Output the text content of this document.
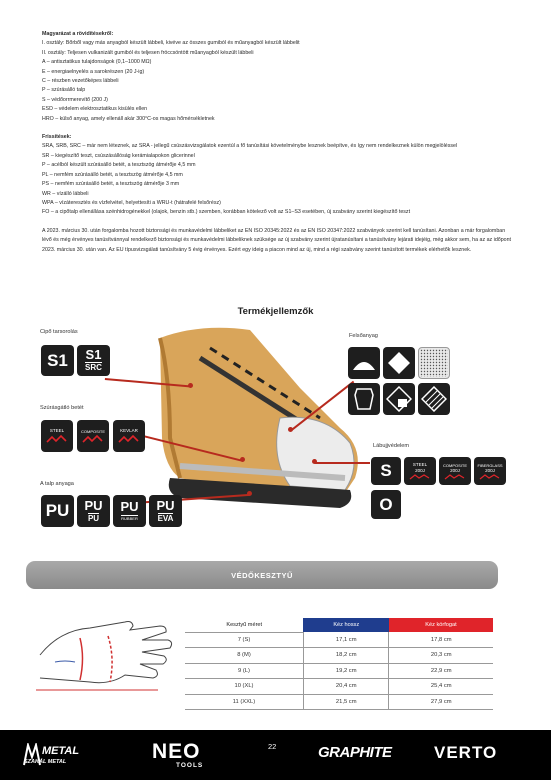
Magyarázat a rövidítésekről:
I. osztály: Bőrből vagy más anyagból készült lábbeli, kivéve az összes gumiból és műanyagból készült lábbelit
II. osztály: Teljesen vulkanizált gumiból és teljesen fröccsöntött műanyagból készült lábbeli
A – antisztatikus tulajdonságok (0,1–1000 MΩ)
E – energiaelnyelés a sarokrészen (20 J-ig)
C – részben vezetőképes lábbeli
P – szúrásálló talp
S – védőorrmerevítő (200 J)
ESD – védelem elektrosztatikus kisülés ellen
HRO – külső anyag, amely ellenáll akár 300°C-os magas hőmérsékletnek
Frissítések:
SRA, SRB, SRC – már nem léteznek, az SRA - jellegű csúszásvizsgálatok ezentúl a fő tanúsítási követelménybe lesznek beépítve, és így nem rendelkeznek külön megjelöléssel
SR – kiegészítő teszt, csúszásállóság kerámialapokon glicerinnel
P – acélból készült szúrásálló betét, a tesztszög átmérője 4,5 mm
PL – nemfém szúrásálló betét, a tesztszög átmérője 4,5 mm
PS – nemfém szúrásálló betét, a tesztszög átmérője 3 mm
WR – vízálló lábbeli
WPA – vízáteresztés és vízfelvétel, helyettesíti a WRU-t (hátrafelé felsőrész)
FO – a cipőtalp ellenállása szénhidrogénekkel (olajok, benzin stb.) szemben, korábban kötelező volt az S1–S3 esetében, új szabvány szerint kiegészítő teszt
A 2023. március 30. után forgalomba hozott biztonsági és munkavédelmi lábbeliket az EN ISO 20345:2022 és az EN ISO 20347:2022 szabványok szerint kell tanúsítani. Azonban a már forgalomban lévő és még érvényes tanúsítvánnyal rendelkező biztonsági és munkavédelmi lábbeliknek szüksége az új szabvány szerint újratanúsítani a tanúsítvány lejárati idejéig, még akkor sem, ha az az időpont 2023. március 30. után van. Az EU típusvizsgálati tanúsítvány 5 évig érvényes. Ezért egy ideig a piacon mind az új, mind a régi szabvány szerint tanúsított termékek elérhetők lesznek.
Termékjellemzők
Cipő tarsorolás
S1 S1
SRC
Szúrásgátló betét
STEEL	COMPOSITE	KEVLAR
A talp anyaga
PU PU
PU
PU
RUBBER
PU
EVA
Felsőanyag
Lábujjvédelem
S	STEEL
200J
COMPOSITE
200J
FIBERGLASS
200J
O
VÉDŐKESZTYŰ
Kesztyű méret	Kéz hossz	Kéz körfogat
7 (S)	17,1 cm	17,8 cm
8 (M)	18,2 cm	20,3 cm
9 (L)	19,2 cm	22,9 cm
10 (XL)	20,4 cm	25,4 cm
11 (XXL)	21,5 cm	27,9 cm
22
METAL
SZAKÁL METAL	NEO
TOOLS
GRAPHITE VERTO
